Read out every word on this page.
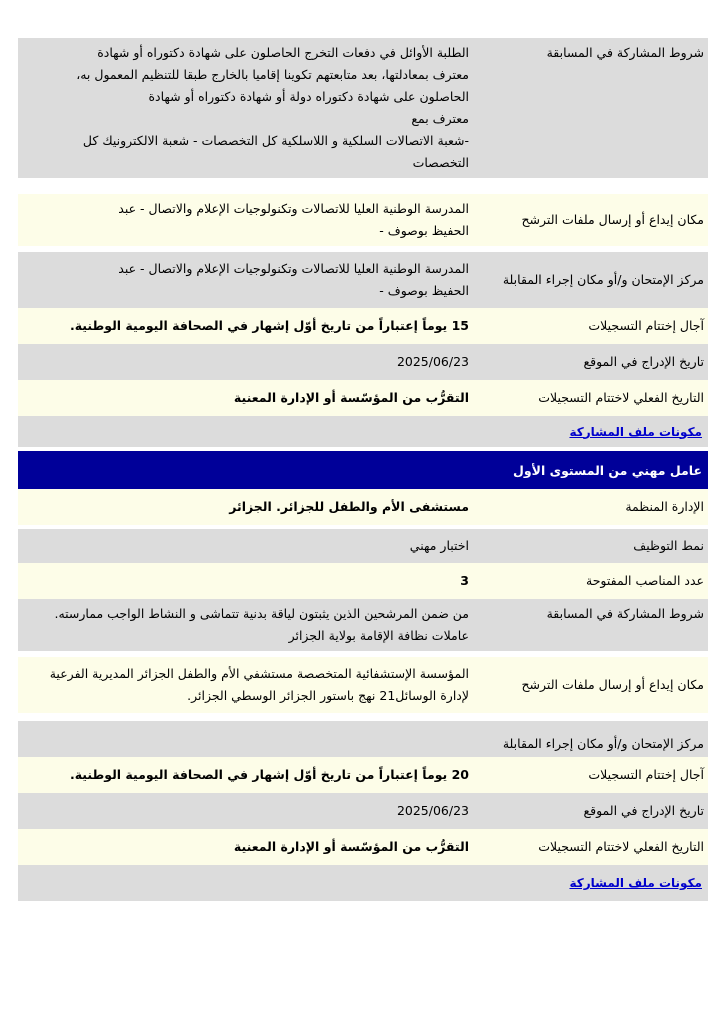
شروط المشاركة في المسابقة
الطلبة الأوائل في دفعات التخرج الحاصلون على شهادة دكتوراه أو شهادة
معترف بمعادلتها، بعد متابعتهم تكوينا إقاميا بالخارج طبقا للتنظيم المعمول به،
الحاصلون على شهادة دكتوراه دولة أو شهادة دكتوراه أو شهادة
معترف بمع
-شعبة الاتصالات السلكية و اللاسلكية كل التخصصات - شعبة الالكترونيك كل
التخصصات
مكان إيداع أو إرسال ملفات الترشح
المدرسة الوطنية العليا للاتصالات وتكنولوجيات الإعلام والاتصال - عبد
الحفيظ بوصوف -
مركز الإمتحان و/أو مكان إجراء المقابلة
المدرسة الوطنية العليا للاتصالات وتكنولوجيات الإعلام والاتصال - عبد
الحفيظ بوصوف -
آجال إختتام التسجيلات
15 يوماً إعتباراً من تاريخ أوّل إشهار في الصحافة اليومية الوطنية.
تاريخ الإدراج في الموقع
2025/06/23
التاريخ الفعلي لاختتام التسجيلات
التقرُّب من المؤسّسة أو الإدارة المعنية
مكونات ملف المشاركة
عامل مهني من المستوى الأول
الإدارة المنظمة
مستشفى الأم والطفل للجزائر. الجزائر
نمط التوظيف
اختبار مهني
عدد المناصب المفتوحة
3
شروط المشاركة في المسابقة
من ضمن المرشحين الذين يثبتون لياقة بدنية تتماشى و النشاط الواجب ممارسته.
عاملات نظافة الإقامة بولاية الجزائر
مكان إيداع أو إرسال ملفات الترشح
المؤسسة الإستشفائية المتخصصة مستشفي الأم والطفل الجزائر المديرية الفرعية
لإدارة الوسائل21 نهج باستور الجزائر الوسطي الجزائر.
مركز الإمتحان و/أو مكان إجراء المقابلة
آجال إختتام التسجيلات
20 يوماً إعتباراً من تاريخ أوّل إشهار في الصحافة اليومية الوطنية.
تاريخ الإدراج في الموقع
2025/06/23
التاريخ الفعلي لاختتام التسجيلات
التقرُّب من المؤسّسة أو الإدارة المعنية
مكونات ملف المشاركة
